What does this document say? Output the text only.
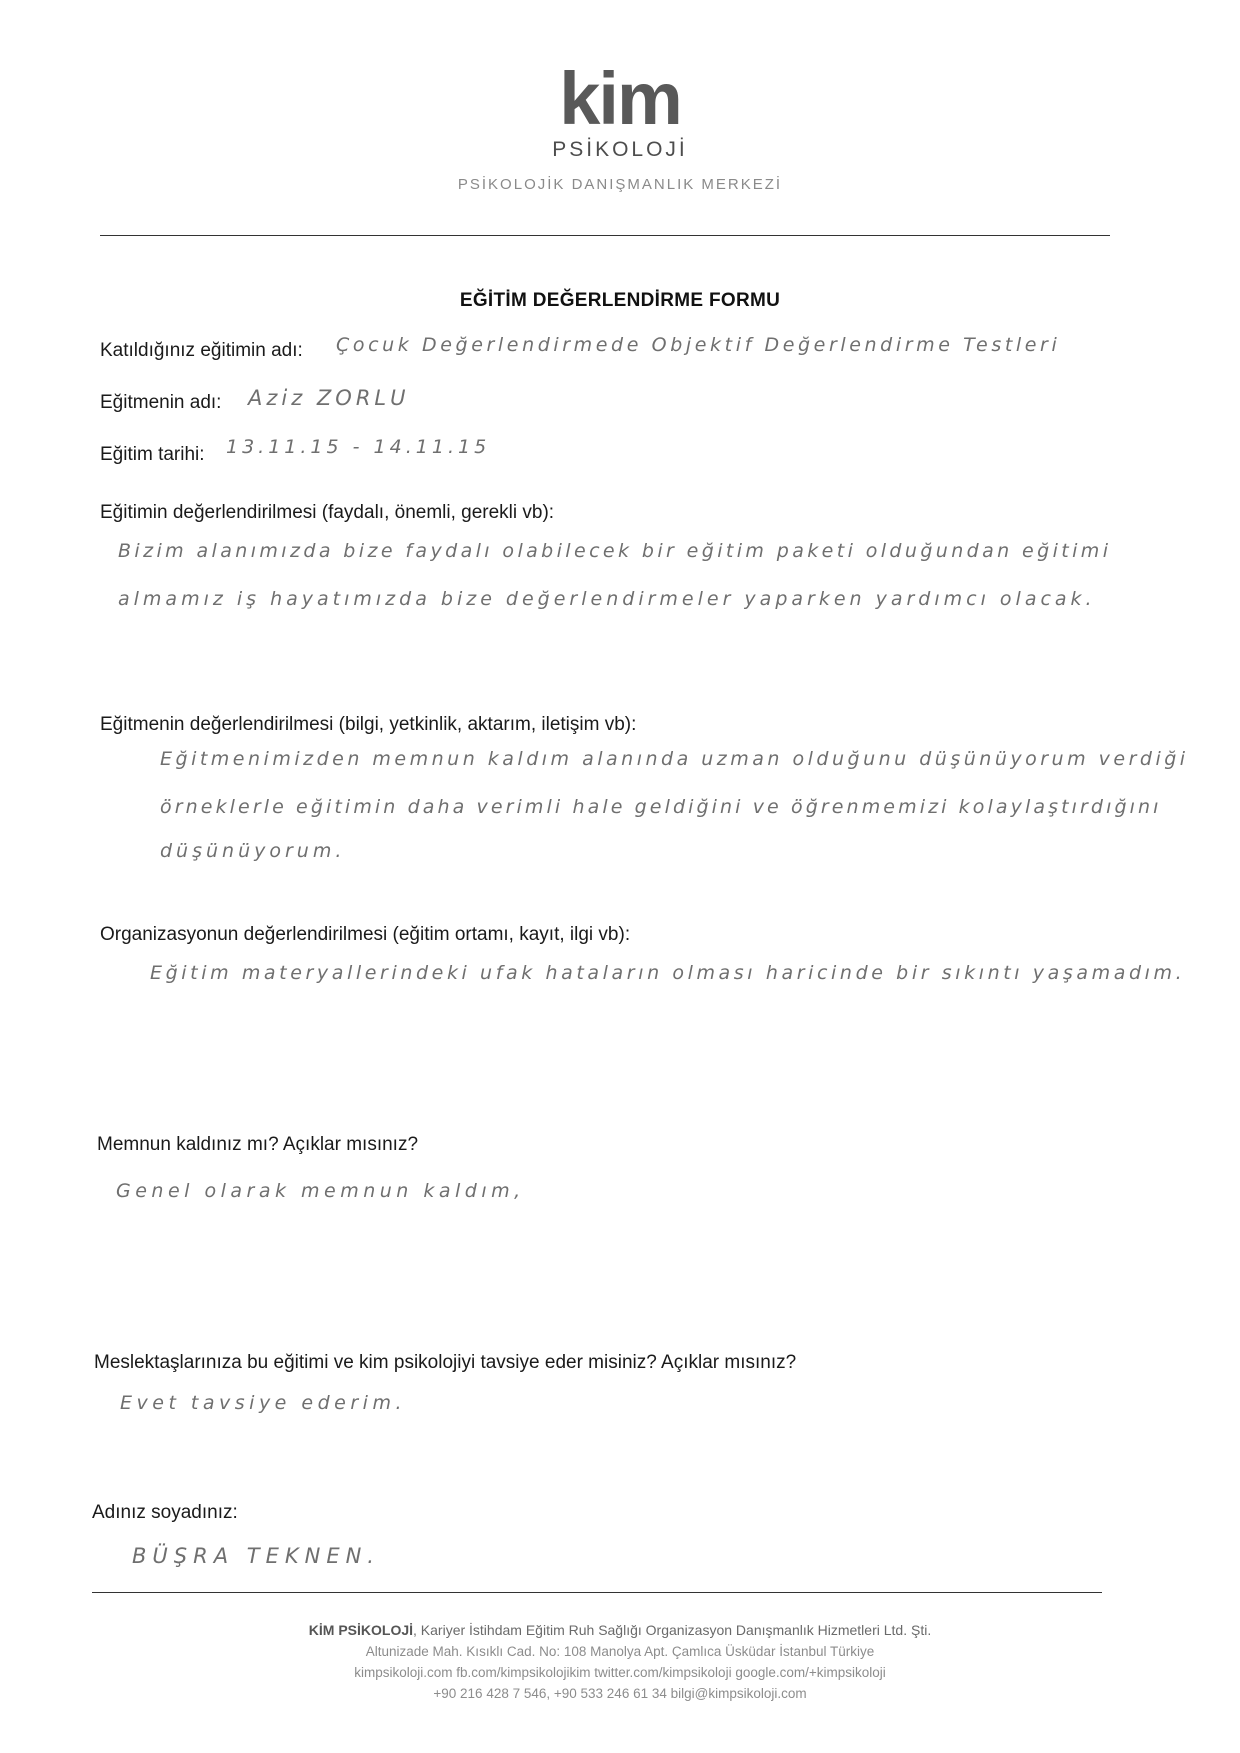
kim
PSİKOLOJİ
PSİKOLOJİK DANIŞMANLIK MERKEZİ
EĞİTİM DEĞERLENDİRME FORMU
Katıldığınız eğitimin adı: Çocuk Değerlendirmede Objektif Değerlendirme Testleri
Eğitmenin adı: Aziz ZORLU
Eğitim tarihi: 13.11.15 - 14.11.15
Eğitimin değerlendirilmesi (faydalı, önemli, gerekli vb):
Bizim alanımızda bize faydalı olabilecek bir eğitim paketi olduğundan eğitimi
almamız iş hayatımızda bize değerlendirmeler yaparken yardımcı olacak.
Eğitmenin değerlendirilmesi (bilgi, yetkinlik, aktarım, iletişim vb):
Eğitmenimizden memnun kaldım alanında uzman olduğunu düşünüyorum verdiği
örneklerle eğitimin daha verimli hale geldiğini ve öğrenmemizi kolaylaştırdığını
düşünüyorum.
Organizasyonun değerlendirilmesi (eğitim ortamı, kayıt, ilgi vb):
Eğitim materyallerindeki ufak hataların olması haricinde bir sıkıntı yaşamadım.
Memnun kaldınız mı? Açıklar mısınız?
Genel olarak memnun kaldım,
Meslektaşlarınıza bu eğitimi ve kim psikolojiyi tavsiye eder misiniz? Açıklar mısınız?
Evet tavsiye ederim.
Adınız soyadınız:
BÜŞRA TEKNEN.
KİM PSİKOLOJİ, Kariyer İstihdam Eğitim Ruh Sağlığı Organizasyon Danışmanlık Hizmetleri Ltd. Şti.
Altunizade Mah. Kısıklı Cad. No: 108 Manolya Apt. Çamlıca Üsküdar İstanbul Türkiye
kimpsikoloji.com fb.com/kimpsikolojikim twitter.com/kimpsikoloji google.com/+kimpsikoloji
+90 216 428 7 546, +90 533 246 61 34 bilgi@kimpsikoloji.com
